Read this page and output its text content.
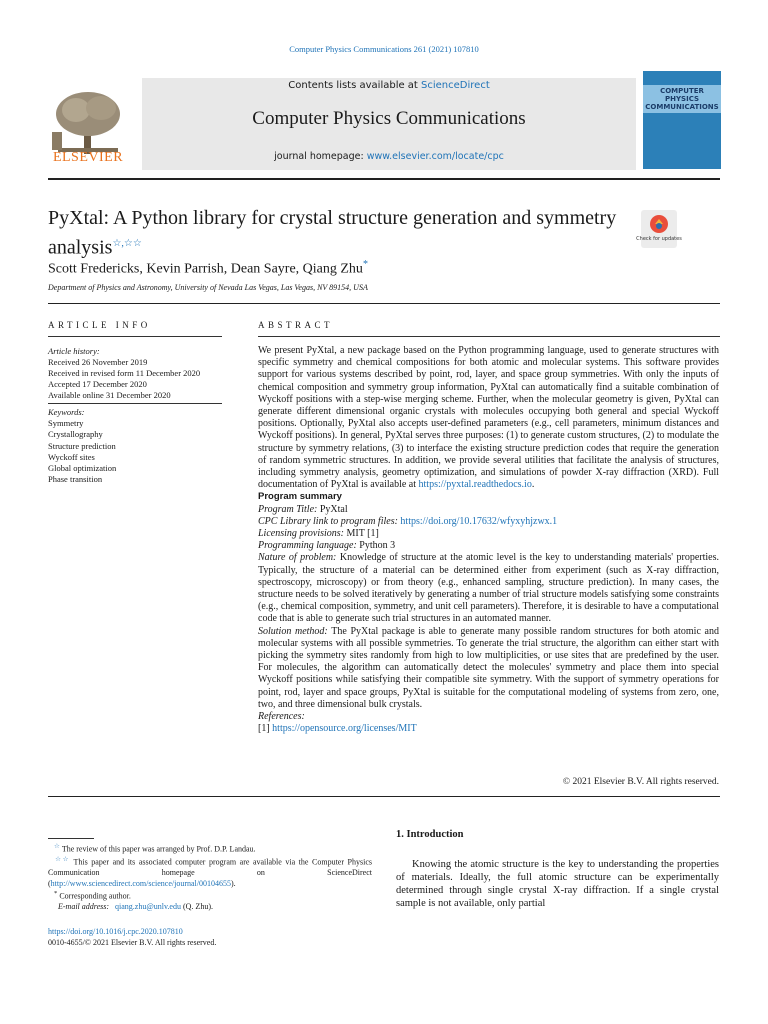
Computer Physics Communications 261 (2021) 107810
ELSEVIER
Contents lists available at ScienceDirect
Computer Physics Communications
journal homepage: www.elsevier.com/locate/cpc
COMPUTER PHYSICS COMMUNICATIONS
PyXtal: A Python library for crystal structure generation and symmetry analysis☆,☆☆	Check for updates
Scott Fredericks, Kevin Parrish, Dean Sayre, Qiang Zhu*
Department of Physics and Astronomy, University of Nevada Las Vegas, Las Vegas, NV 89154, USA
ARTICLE INFO
Article history:
Received 26 November 2019
Received in revised form 11 December 2020
Accepted 17 December 2020
Available online 31 December 2020
Keywords:
Symmetry
Crystallography
Structure prediction
Wyckoff sites
Global optimization
Phase transition
ABSTRACT

We present PyXtal, a new package based on the Python programming language, used to generate structures with specific symmetry and chemical compositions for both atomic and molecular systems. This software provides support for various systems described by point, rod, layer, and space group symmetries. With only the inputs of chemical composition and symmetry group information, PyXtal can automatically find a suitable combination of Wyckoff positions with a step-wise merging scheme. Further, when the molecular geometry is given, PyXtal can generate different dimensional organic crystals with molecules occupying both general and special Wyckoff positions. Optionally, PyXtal also accepts user-defined parameters (e.g., cell parameters, minimum distances and Wyckoff positions). In general, PyXtal serves three purposes: (1) to generate custom structures, (2) to modulate the structure by symmetry relations, (3) to interface the existing structure prediction codes that require the generation of random symmetric structures. In addition, we provide several utilities that facilitate the analysis of structures, including symmetry analysis, geometry optimization, and simulations of powder X-ray diffraction (XRD). Full documentation of PyXtal is available at https://pyxtal.readthedocs.io.

Program summary

Program Title: PyXtal

CPC Library link to program files: https://doi.org/10.17632/wfyxyhjzwx.1

Licensing provisions: MIT [1]

Programming language: Python 3

Nature of problem: Knowledge of structure at the atomic level is the key to understanding materials' properties. Typically, the structure of a material can be determined either from experiment (such as X-ray diffraction, spectroscopy, microscopy) or from theory (e.g., enhanced sampling, structure prediction). In many cases, the structure needs to be solved iteratively by generating a number of trial structure models satisfying some constraints (e.g., chemical composition, symmetry, and unit cell parameters). Therefore, it is desirable to have a computational code that is able to generate such trial structures in an automated manner.

Solution method: The PyXtal package is able to generate many possible random structures for both atomic and molecular systems with all possible symmetries. To generate the trial structure, the algorithm can either start with picking the symmetry sites randomly from high to low multiplicities, or use sites that are predefined by the user. For molecules, the algorithm can automatically detect the molecules' symmetry and place them into special Wyckoff positions while satisfying their compatible site symmetry. With the support of symmetry operations for point, rod, layer and space groups, PyXtal is suitable for the computational modeling of systems from zero, one, two, and three dimensional bulk crystals.

References:

[1] https://opensource.org/licenses/MIT

© 2021 Elsevier B.V. All rights reserved.
☆ The review of this paper was arranged by Prof. D.P. Landau.
☆☆ This paper and its associated computer program are available via the Computer Physics Communication homepage on ScienceDirect (http://www.sciencedirect.com/science/journal/00104655).
* Corresponding author.
E-mail address: qiang.zhu@unlv.edu (Q. Zhu).
https://doi.org/10.1016/j.cpc.2020.107810
0010-4655/© 2021 Elsevier B.V. All rights reserved.
1. Introduction
Knowing the atomic structure is the key to understanding the properties of materials. Ideally, the full atomic structure can be experimentally determined through single crystal X-ray diffraction. If a single crystal sample is not available, only partial
